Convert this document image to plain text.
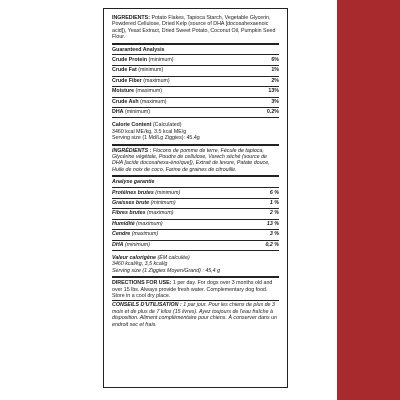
INGREDIENTS: Potato Flakes, Tapioca Starch, Vegetable Glycerin, Powdered Cellulose, Dried Kelp (source of DHA [docosahexaenoic acid]), Yeast Extract, Dried Sweet Potato, Coconut Oil, Pumpkin Seed Flour.

Guaranteed Analysis

Crude Protein (minimum)	6%
Crude Fat (minimum)	1%
Crude Fiber (maximum)	2%
Moisture (maximum)	13%
Crude Ash (maximum)	3%
DHA (minimum)	0.2%

Calorie Content (Calculated)

3460 kcal ME/kg, 3.5 kcal ME/g

Serving size (1 Md/Lg Ziggies): 45.4g

INGRÉDIENTS : Flocons de pomme de terre, Fécule de tapioca, Glycérine végétale, Poudre de cellulose, Varech séché (source de DHA [acide docosahexa-ènoïque]), Extrait de levure, Patate douce, Huile de noix de coco, Farine de graines de citrouille.

Analyse garantie

Protéines brutes (minimum)	6 %
Graisses brute (minimum)	1 %
Fibres brutes (maximum)	2 %
Humidité (maximum)	13 %
Cendre (maximum)	3 %
DHA (minimum)	0,2 %

Valeur calorigène (ÉM calculée)

3460 kcal/kg, 3,5 kcal/g

Serving size (1 Ziggies Moyen/Grand) : 45,4 g

DIRECTIONS FOR USE: 1 per day. For dogs over 3 months old and over 15 lbs. Always provide fresh water. Complementary dog food. Store in a cool dry place.

CONSEILS D'UTILISATION : 1 par jour. Pour les chiens de plus de 3 mois et de plus de 7 kilos (15 livres). Ayez toujours de l'eau fraîche à disposition. Aliment complémentaire pour chiens. À conserver dans un endroit sec et frais.
